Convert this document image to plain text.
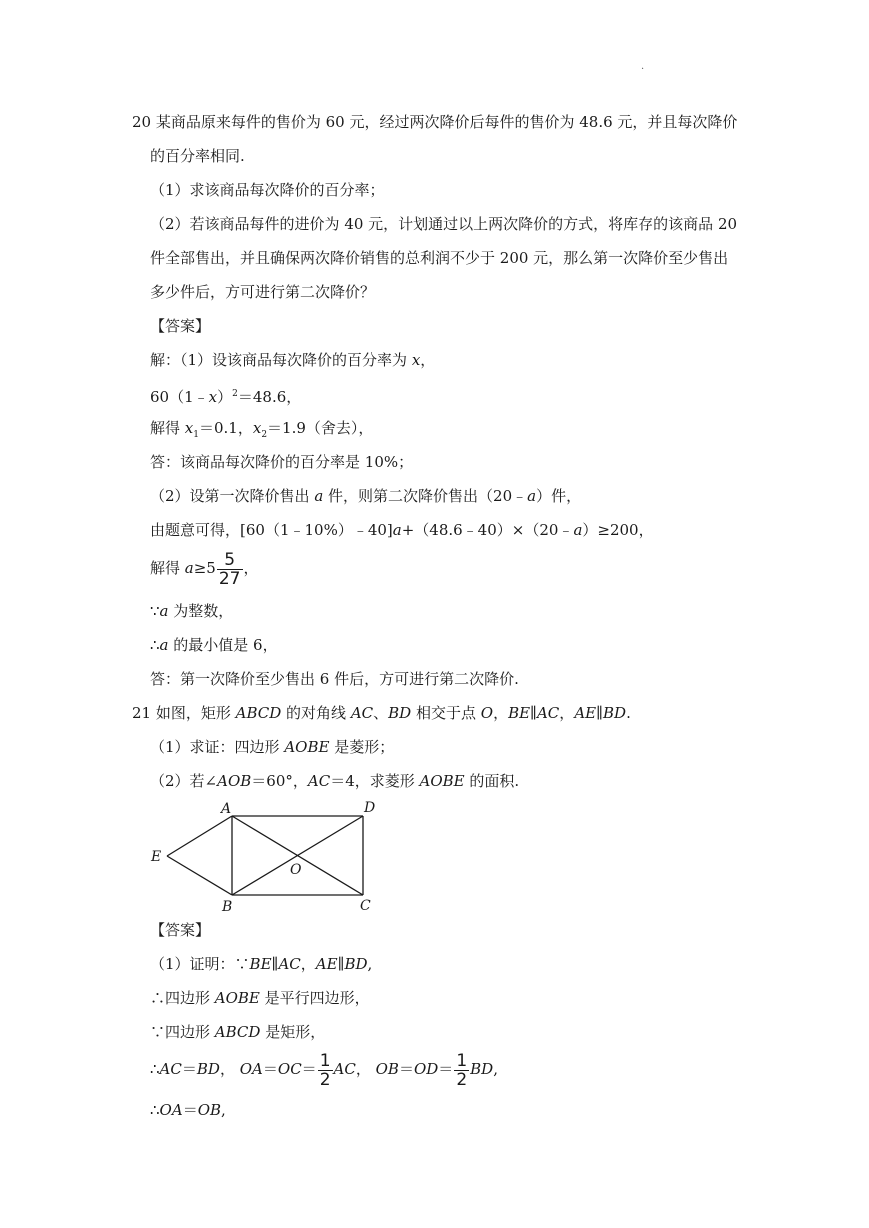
·
20 某商品原来每件的售价为 60 元，经过两次降价后每件的售价为 48.6 元，并且每次降价
的百分率相同.
（1）求该商品每次降价的百分率；
（2）若该商品每件的进价为 40 元，计划通过以上两次降价的方式，将库存的该商品 20
件全部售出，并且确保两次降价销售的总利润不少于 200 元，那么第一次降价至少售出
多少件后，方可进行第二次降价？
【答案】
解：（1）设该商品每次降价的百分率为 x，
60（1﹣x）$^2$＝48.6，
解得 $x_1=0.1$，$x_2=1.9$（舍去），
答：该商品每次降价的百分率是 10%；
（2）设第一次降价售出 a 件，则第二次降价售出（20﹣a）件，
由题意可得，[60（1﹣10%）﹣40]a+（48.6﹣40）×（20﹣a）≥200，
解得 $a\ge 5 \frac{5}{27}$ ，
∵a 为整数，
∴a 的最小值是 6，
答：第一次降价至少售出 6 件后，方可进行第二次降价.
21 如图，矩形 ABCD 的对角线 AC、BD 相交于点 O，BE∥AC，AE∥BD.
（1）求证：四边形 AOBE 是菱形；
（2）若∠AOB＝60°，AC＝4，求菱形 AOBE 的面积.
A	D
E
O
B	C
【答案】
（1）证明：∵BE∥AC，AE∥BD,
∴四边形 AOBE 是平行四边形，
∵四边形 ABCD 是矩形，
∴AC＝BD， $OA=OC= \frac{1}{2}$ AC， $OB=OD= \frac{1}{2}$ BD,
∴OA＝OB,
